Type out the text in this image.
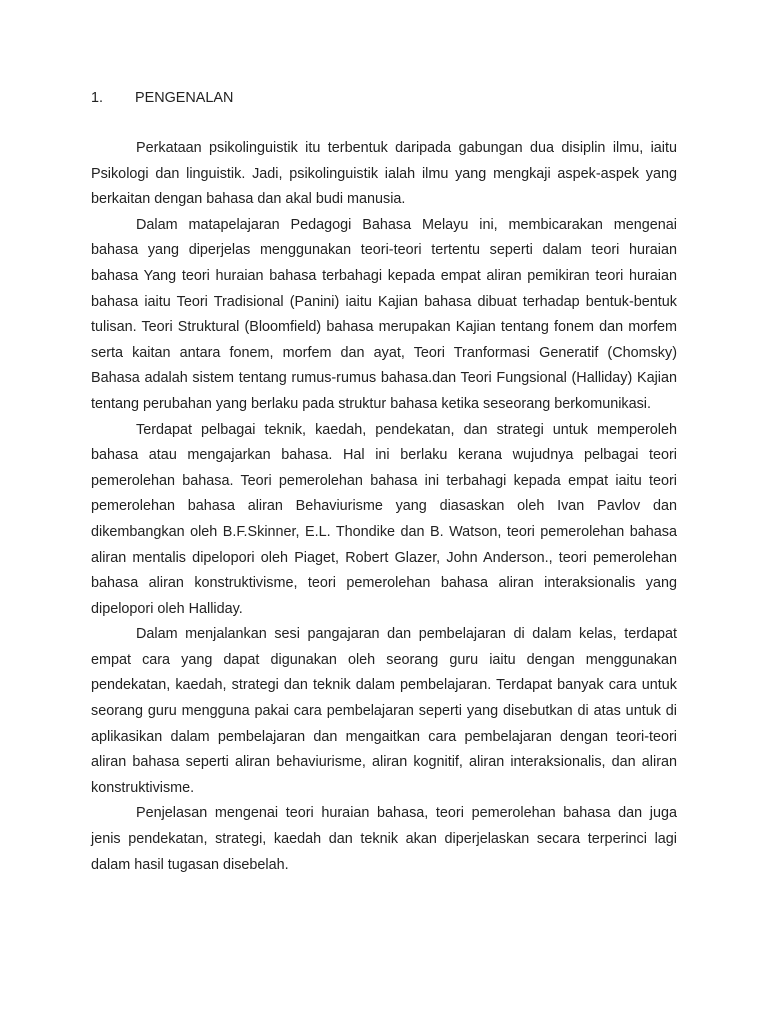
1.	PENGENALAN

Perkataan psikolinguistik itu terbentuk daripada gabungan dua disiplin ilmu, iaitu Psikologi dan linguistik. Jadi, psikolinguistik ialah ilmu yang mengkaji aspek-aspek yang berkaitan dengan bahasa dan akal budi manusia.

Dalam matapelajaran Pedagogi Bahasa Melayu ini, membicarakan mengenai bahasa yang diperjelas menggunakan teori-teori tertentu seperti dalam teori huraian bahasa Yang teori huraian bahasa terbahagi kepada empat aliran pemikiran teori huraian bahasa iaitu Teori Tradisional (Panini) iaitu Kajian bahasa dibuat terhadap bentuk-bentuk tulisan. Teori Struktural (Bloomfield) bahasa merupakan Kajian tentang fonem dan morfem serta kaitan antara fonem, morfem dan ayat, Teori Tranformasi Generatif (Chomsky) Bahasa adalah sistem tentang rumus-rumus bahasa.dan Teori Fungsional (Halliday) Kajian tentang perubahan yang berlaku pada struktur bahasa ketika seseorang berkomunikasi.

Terdapat pelbagai teknik, kaedah, pendekatan, dan strategi untuk memperoleh bahasa atau mengajarkan bahasa. Hal ini berlaku kerana wujudnya pelbagai teori pemerolehan bahasa. Teori pemerolehan bahasa ini terbahagi kepada empat iaitu teori pemerolehan bahasa aliran Behaviurisme yang diasaskan oleh Ivan Pavlov dan dikembangkan oleh B.F.Skinner, E.L. Thondike dan B. Watson, teori pemerolehan bahasa aliran mentalis dipelopori oleh Piaget, Robert Glazer, John Anderson., teori pemerolehan bahasa aliran konstruktivisme, teori pemerolehan bahasa aliran interaksionalis yang dipelopori oleh Halliday.

Dalam menjalankan sesi pangajaran dan pembelajaran di dalam kelas, terdapat empat cara yang dapat digunakan oleh seorang guru iaitu dengan menggunakan pendekatan, kaedah, strategi dan teknik dalam pembelajaran. Terdapat banyak cara untuk seorang guru mengguna pakai cara pembelajaran seperti yang disebutkan di atas untuk di aplikasikan dalam pembelajaran dan mengaitkan cara pembelajaran dengan teori-teori aliran bahasa seperti aliran behaviurisme, aliran kognitif, aliran interaksionalis, dan aliran konstruktivisme.

Penjelasan mengenai teori huraian bahasa, teori pemerolehan bahasa dan juga jenis pendekatan, strategi, kaedah dan teknik akan diperjelaskan secara terperinci lagi dalam hasil tugasan disebelah.
